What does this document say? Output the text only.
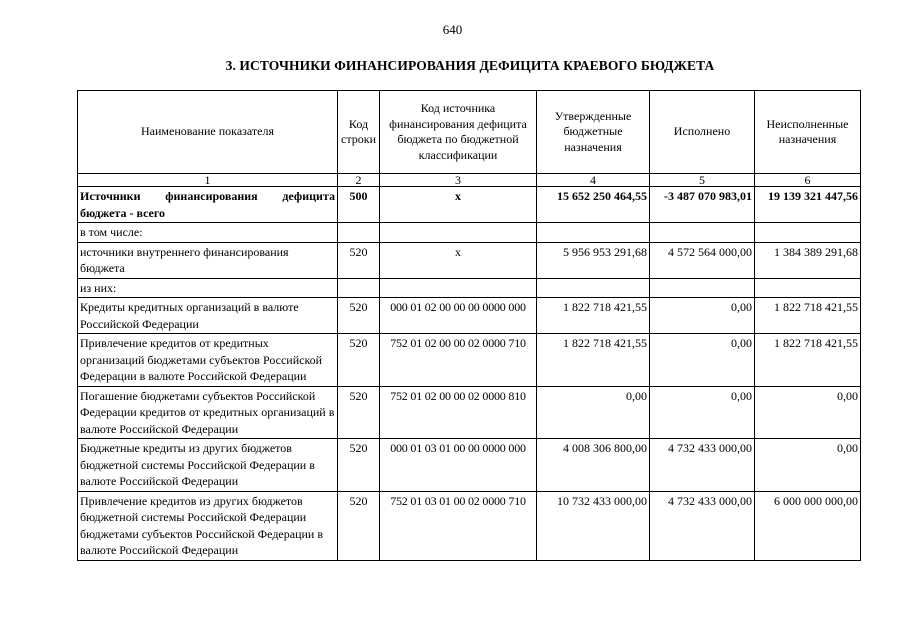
640
3. ИСТОЧНИКИ ФИНАНСИРОВАНИЯ ДЕФИЦИТА КРАЕВОГО БЮДЖЕТА
Наименование показателя	Код строки	Код источника финансирования дефицита бюджета по бюджетной классификации	Утвержденные бюджетные назначения	Исполнено	Неисполненные назначения
1	2	3	4	5	6
Источники финансирования дефицита бюджета - всего	500	x	15 652 250 464,55	-3 487 070 983,01	19 139 321 447,56
в том числе:					
источники внутреннего финансирования бюджета	520	x	5 956 953 291,68	4 572 564 000,00	1 384 389 291,68
из них:					
Кредиты кредитных организаций в валюте Российской Федерации	520	000 01 02 00 00 00 0000 000	1 822 718 421,55	0,00	1 822 718 421,55
Привлечение кредитов от кредитных организаций бюджетами субъектов Российской Федерации в валюте Российской Федерации	520	752 01 02 00 00 02 0000 710	1 822 718 421,55	0,00	1 822 718 421,55
Погашение бюджетами субъектов Российской Федерации кредитов от кредитных организаций в валюте Российской Федерации	520	752 01 02 00 00 02 0000 810	0,00	0,00	0,00
Бюджетные кредиты из других бюджетов бюджетной системы Российской Федерации в валюте Российской Федерации	520	000 01 03 01 00 00 0000 000	4 008 306 800,00	4 732 433 000,00	0,00
Привлечение кредитов из других бюджетов бюджетной системы Российской Федерации бюджетами субъектов Российской Федерации в валюте Российской Федерации	520	752 01 03 01 00 02 0000 710	10 732 433 000,00	4 732 433 000,00	6 000 000 000,00
